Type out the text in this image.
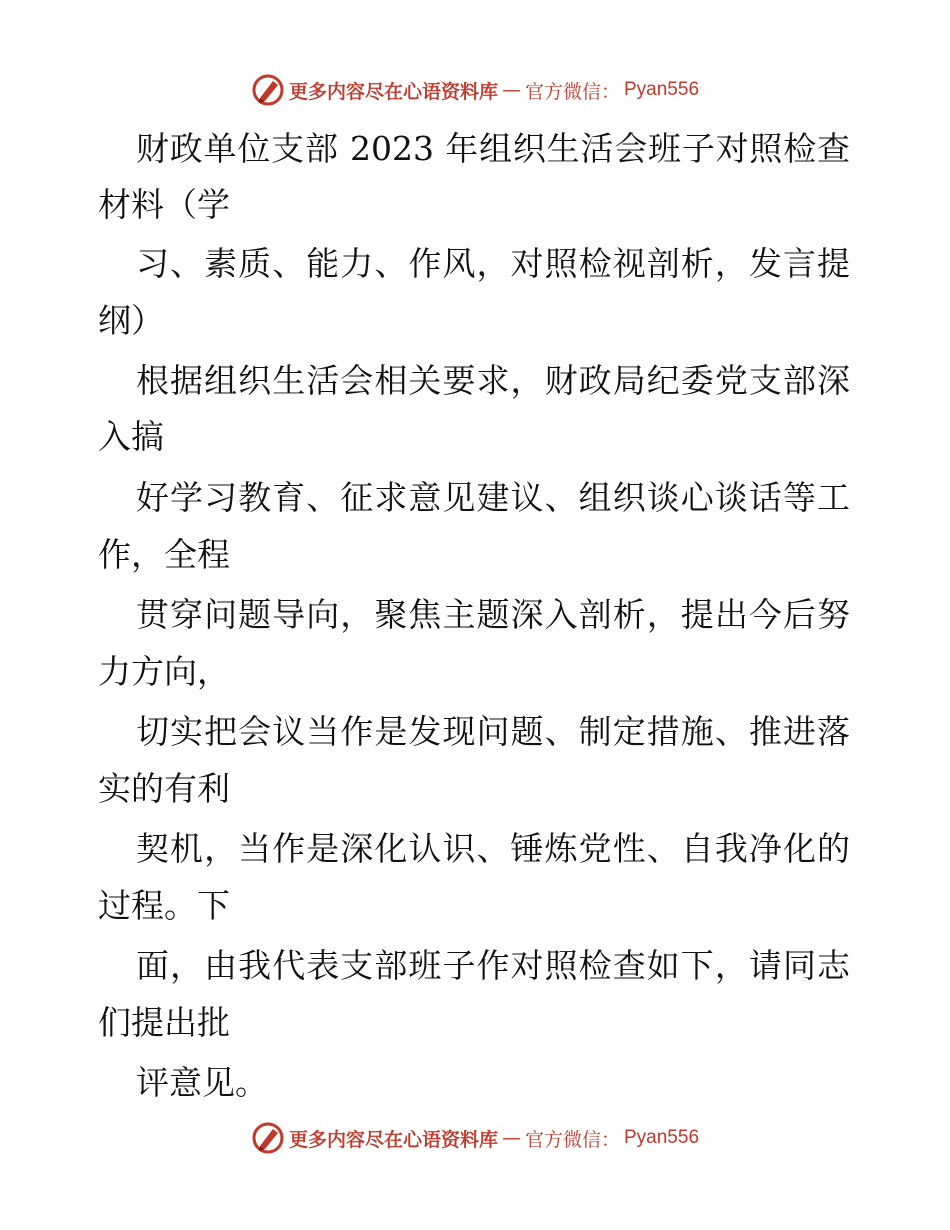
更多内容尽在心语资料库 — 官方微信： Pyan556
财政单位支部 2023 年组织生活会班子对照检查
材料（学
习、素质、能力、作风，对照检视剖析，发言提
纲）
根据组织生活会相关要求，财政局纪委党支部深
入搞
好学习教育、征求意见建议、组织谈心谈话等工
作，全程
贯穿问题导向，聚焦主题深入剖析，提出今后努
力方向，
切实把会议当作是发现问题、制定措施、推进落
实的有利
契机，当作是深化认识、锤炼党性、自我净化的
过程。下
面，由我代表支部班子作对照检查如下，请同志
们提出批
评意见。
更多内容尽在心语资料库 — 官方微信： Pyan556
